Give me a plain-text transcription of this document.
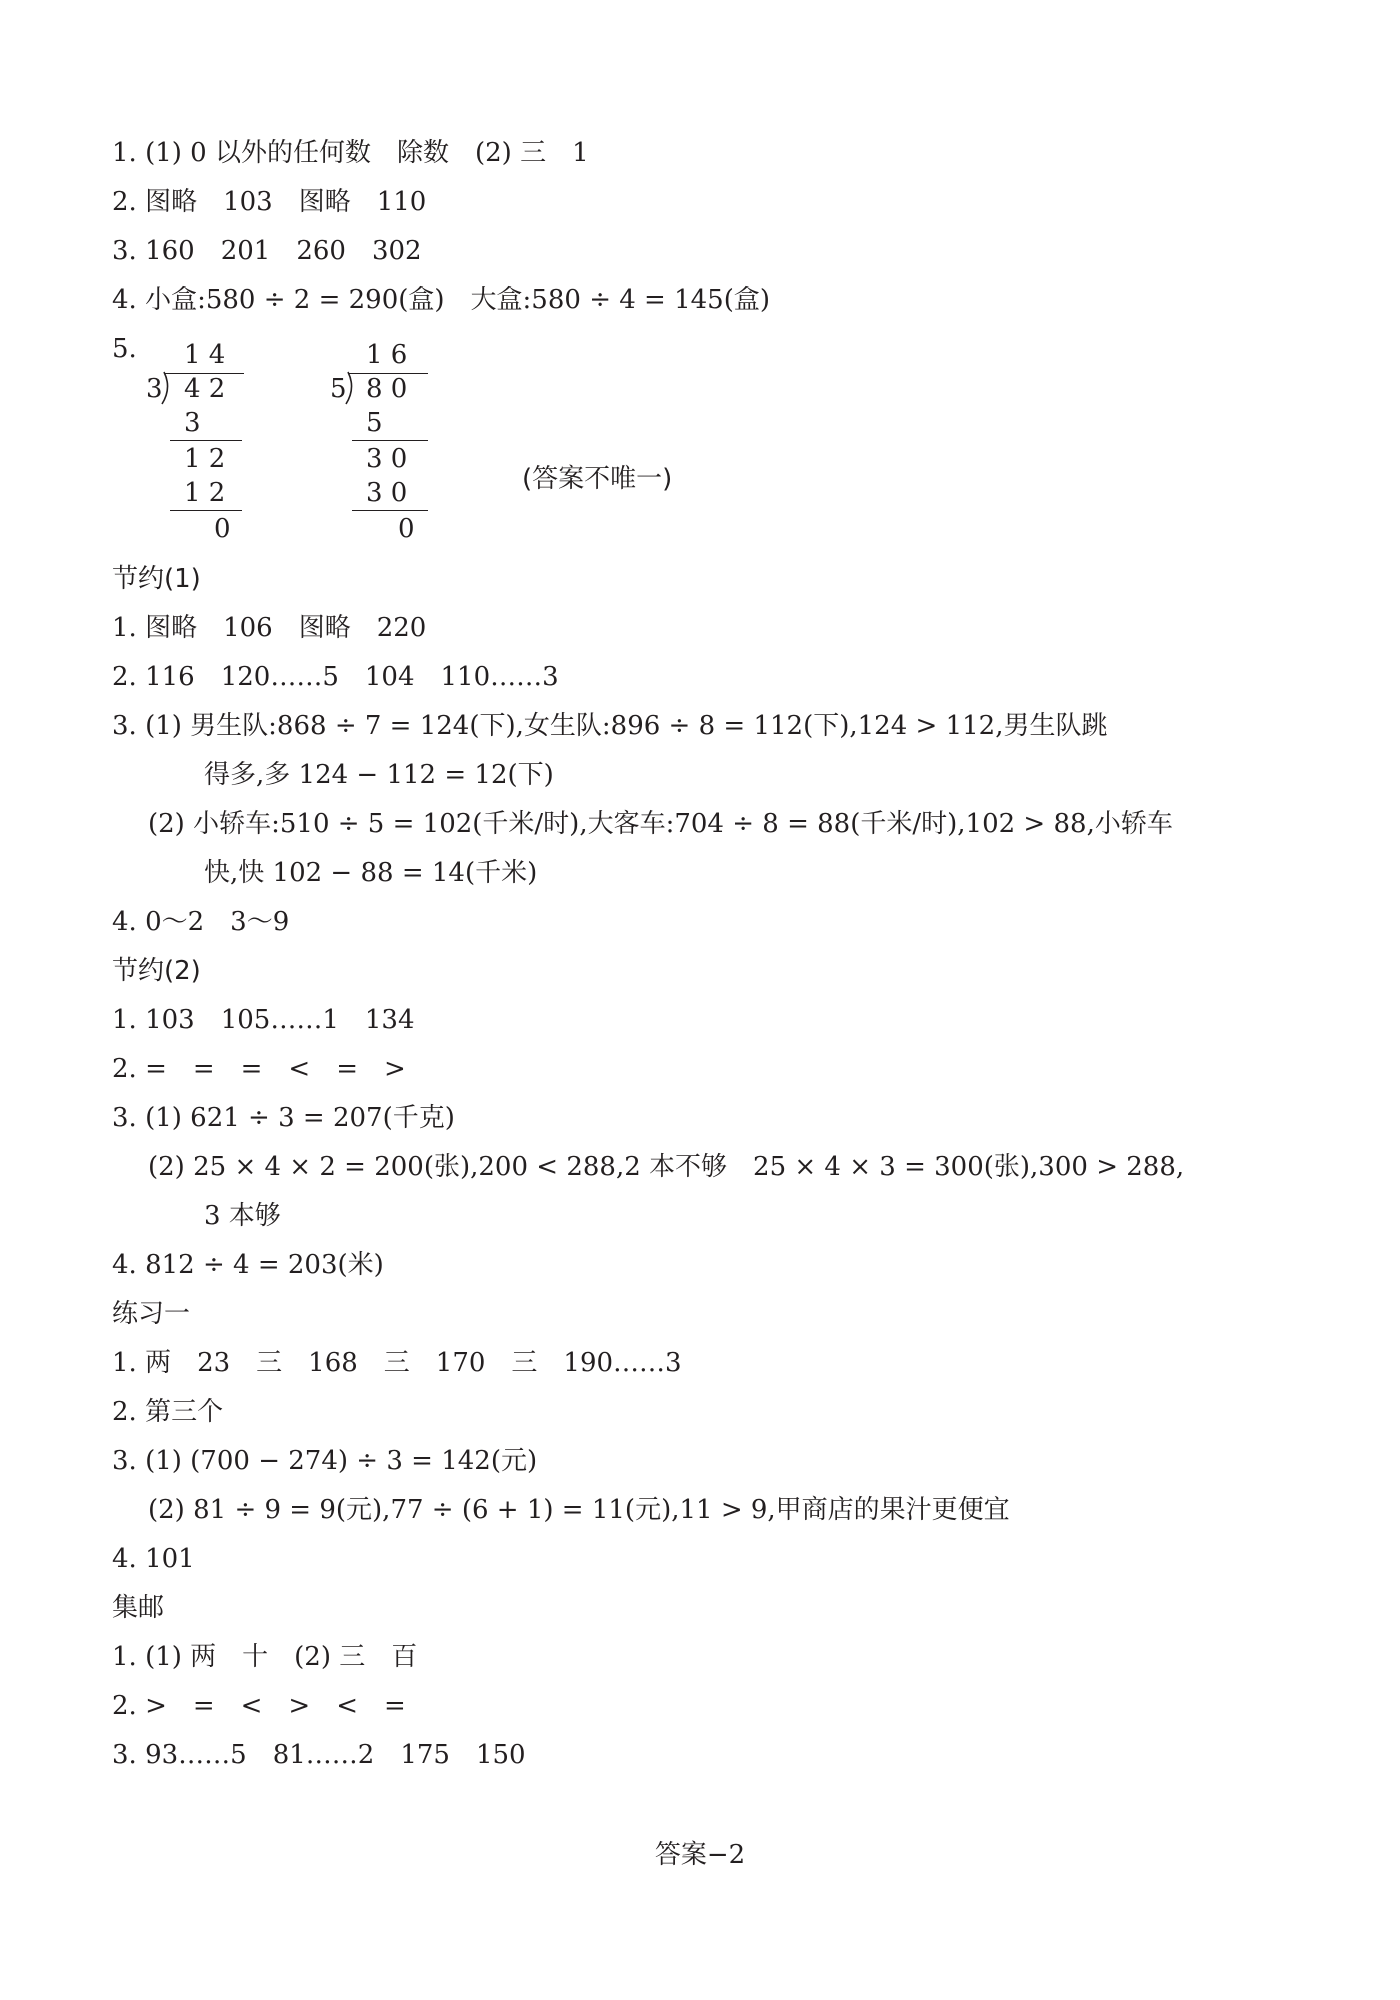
1. (1) 0 以外的任何数　除数　(2) 三　1
2. 图略　103　图略　110
3. 160　201　260　302
4. 小盒:580 ÷ 2 = 290(盒)　大盒:580 ÷ 4 = 145(盒)
5. 1 4
3 4 2
3
1 2
1 2
0
1 6
5 8 0
5
3 0
3 0
0
(答案不唯一)
节约(1)
1. 图略　106　图略　220
2. 116　120……5　104　110……3
3. (1) 男生队:868 ÷ 7 = 124(下),女生队:896 ÷ 8 = 112(下),124 > 112,男生队跳
得多,多 124 − 112 = 12(下)
(2) 小轿车:510 ÷ 5 = 102(千米/时),大客车:704 ÷ 8 = 88(千米/时),102 > 88,小轿车
快,快 102 − 88 = 14(千米)
4. 0～2　3～9
节约(2)
1. 103　105……1　134
2. =　=　=　<　=　>
3. (1) 621 ÷ 3 = 207(千克)
(2) 25 × 4 × 2 = 200(张),200 < 288,2 本不够　25 × 4 × 3 = 300(张),300 > 288,
3 本够
4. 812 ÷ 4 = 203(米)
练习一
1. 两　23　三　168　三　170　三　190……3
2. 第三个
3. (1) (700 − 274) ÷ 3 = 142(元)
(2) 81 ÷ 9 = 9(元),77 ÷ (6 + 1) = 11(元),11 > 9,甲商店的果汁更便宜
4. 101
集邮
1. (1) 两　十　(2) 三　百
2. >　=　<　>　<　=
3. 93……5　81……2　175　150
答案−2
